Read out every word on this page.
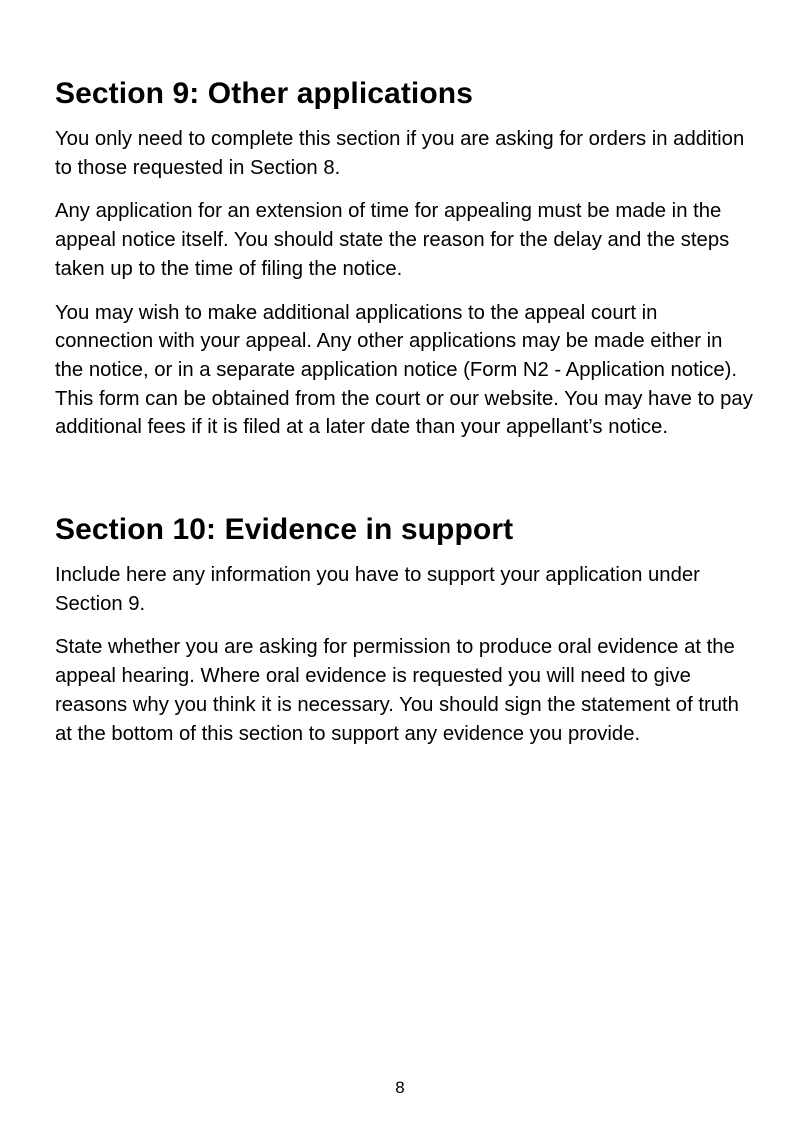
Section 9: Other applications

You only need to complete this section if you are asking for orders in addition to those requested in Section 8.

Any application for an extension of time for appealing must be made in the appeal notice itself. You should state the reason for the delay and the steps taken up to the time of filing the notice.

You may wish to make additional applications to the appeal court in connection with your appeal. Any other applications may be made either in the notice, or in a separate application notice (Form N2 - Application notice). This form can be obtained from the court or our website. You may have to pay additional fees if it is filed at a later date than your appellant’s notice.

Section 10: Evidence in support

Include here any information you have to support your application under Section 9.

State whether you are asking for permission to produce oral evidence at the appeal hearing. Where oral evidence is requested you will need to give reasons why you think it is necessary. You should sign the statement of truth at the bottom of this section to support any evidence you provide.

8
